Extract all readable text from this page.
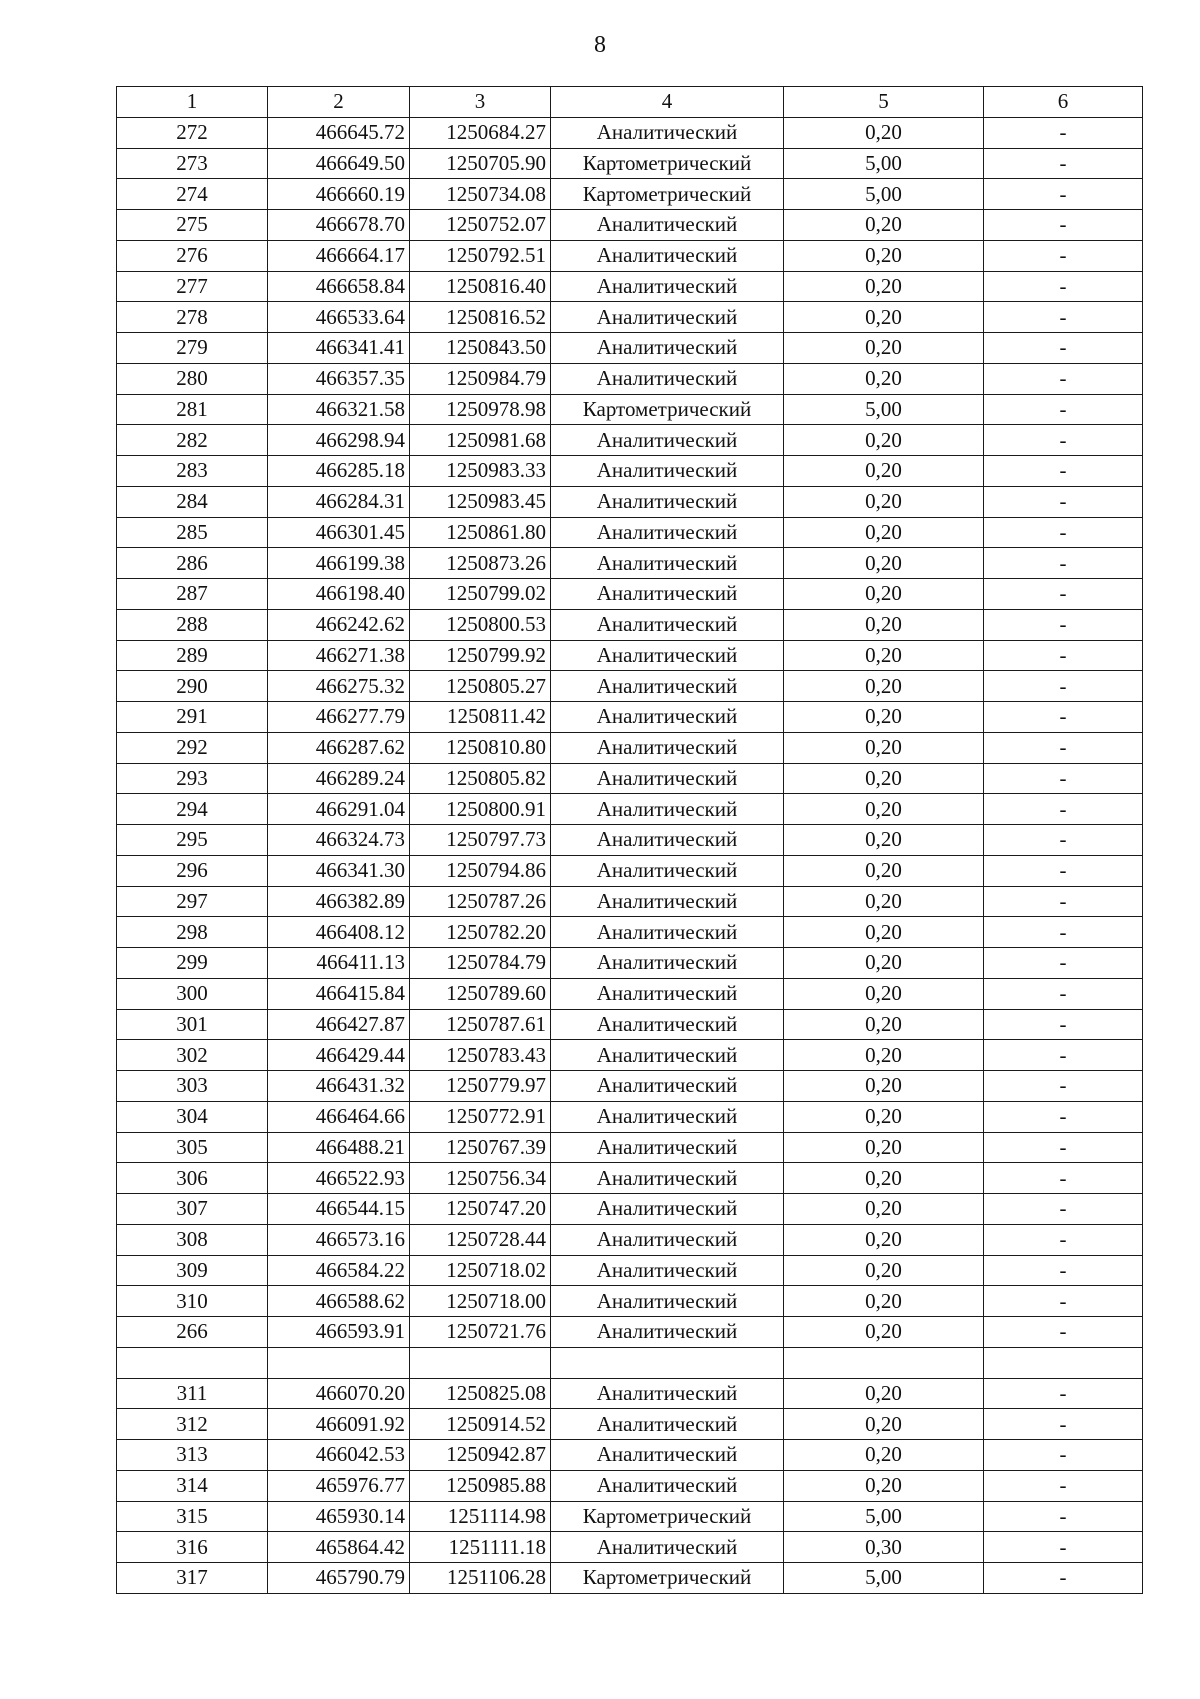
8
1	2	3	4	5	6
272	466645.72	1250684.27	Аналитический	0,20	-
273	466649.50	1250705.90	Картометрический	5,00	-
274	466660.19	1250734.08	Картометрический	5,00	-
275	466678.70	1250752.07	Аналитический	0,20	-
276	466664.17	1250792.51	Аналитический	0,20	-
277	466658.84	1250816.40	Аналитический	0,20	-
278	466533.64	1250816.52	Аналитический	0,20	-
279	466341.41	1250843.50	Аналитический	0,20	-
280	466357.35	1250984.79	Аналитический	0,20	-
281	466321.58	1250978.98	Картометрический	5,00	-
282	466298.94	1250981.68	Аналитический	0,20	-
283	466285.18	1250983.33	Аналитический	0,20	-
284	466284.31	1250983.45	Аналитический	0,20	-
285	466301.45	1250861.80	Аналитический	0,20	-
286	466199.38	1250873.26	Аналитический	0,20	-
287	466198.40	1250799.02	Аналитический	0,20	-
288	466242.62	1250800.53	Аналитический	0,20	-
289	466271.38	1250799.92	Аналитический	0,20	-
290	466275.32	1250805.27	Аналитический	0,20	-
291	466277.79	1250811.42	Аналитический	0,20	-
292	466287.62	1250810.80	Аналитический	0,20	-
293	466289.24	1250805.82	Аналитический	0,20	-
294	466291.04	1250800.91	Аналитический	0,20	-
295	466324.73	1250797.73	Аналитический	0,20	-
296	466341.30	1250794.86	Аналитический	0,20	-
297	466382.89	1250787.26	Аналитический	0,20	-
298	466408.12	1250782.20	Аналитический	0,20	-
299	466411.13	1250784.79	Аналитический	0,20	-
300	466415.84	1250789.60	Аналитический	0,20	-
301	466427.87	1250787.61	Аналитический	0,20	-
302	466429.44	1250783.43	Аналитический	0,20	-
303	466431.32	1250779.97	Аналитический	0,20	-
304	466464.66	1250772.91	Аналитический	0,20	-
305	466488.21	1250767.39	Аналитический	0,20	-
306	466522.93	1250756.34	Аналитический	0,20	-
307	466544.15	1250747.20	Аналитический	0,20	-
308	466573.16	1250728.44	Аналитический	0,20	-
309	466584.22	1250718.02	Аналитический	0,20	-
310	466588.62	1250718.00	Аналитический	0,20	-
266	466593.91	1250721.76	Аналитический	0,20	-

311	466070.20	1250825.08	Аналитический	0,20	-
312	466091.92	1250914.52	Аналитический	0,20	-
313	466042.53	1250942.87	Аналитический	0,20	-
314	465976.77	1250985.88	Аналитический	0,20	-
315	465930.14	1251114.98	Картометрический	5,00	-
316	465864.42	1251111.18	Аналитический	0,30	-
317	465790.79	1251106.28	Картометрический	5,00	-
